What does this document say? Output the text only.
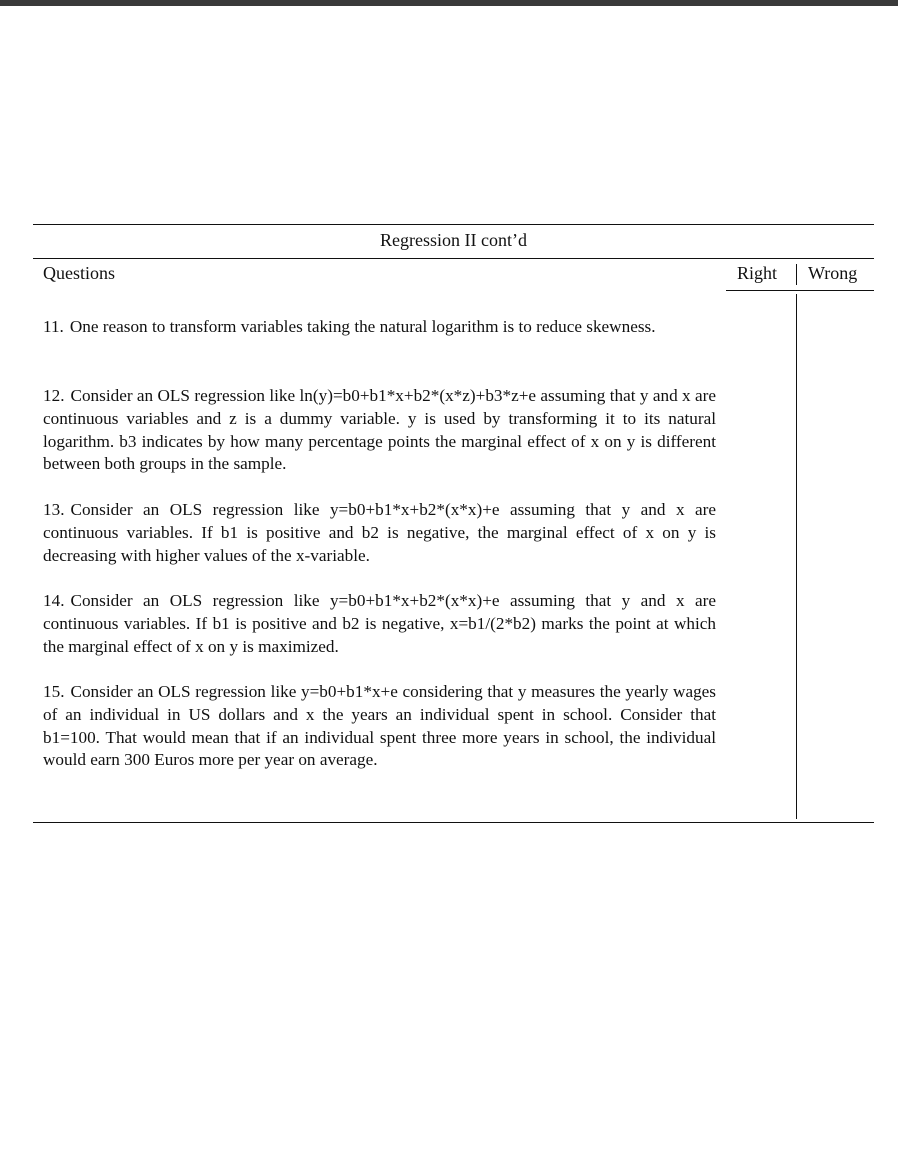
Regression II cont’d
Questions	Right Wrong
11. One reason to transform variables taking the natural logarithm is to reduce skewness.
12. Consider an OLS regression like ln(y)=b0+b1*x+b2*(x*z)+b3*z+e assuming that y and x are continuous variables and z is a dummy variable. y is used by transforming it to its natural logarithm. b3 indicates by how many percentage points the marginal effect of x on y is different between both groups in the sample.
13. Consider an OLS regression like y=b0+b1*x+b2*(x*x)+e assuming that y and x are continuous variables. If b1 is positive and b2 is negative, the marginal effect of x on y is decreasing with higher values of the x-variable.
14. Consider an OLS regression like y=b0+b1*x+b2*(x*x)+e assuming that y and x are continuous variables. If b1 is positive and b2 is negative, x=b1/(2*b2) marks the point at which the marginal effect of x on y is maximized.
15. Consider an OLS regression like y=b0+b1*x+e considering that y measures the yearly wages of an individual in US dollars and x the years an individual spent in school. Consider that b1=100. That would mean that if an individual spent three more years in school, the individual would earn 300 Euros more per year on average.
